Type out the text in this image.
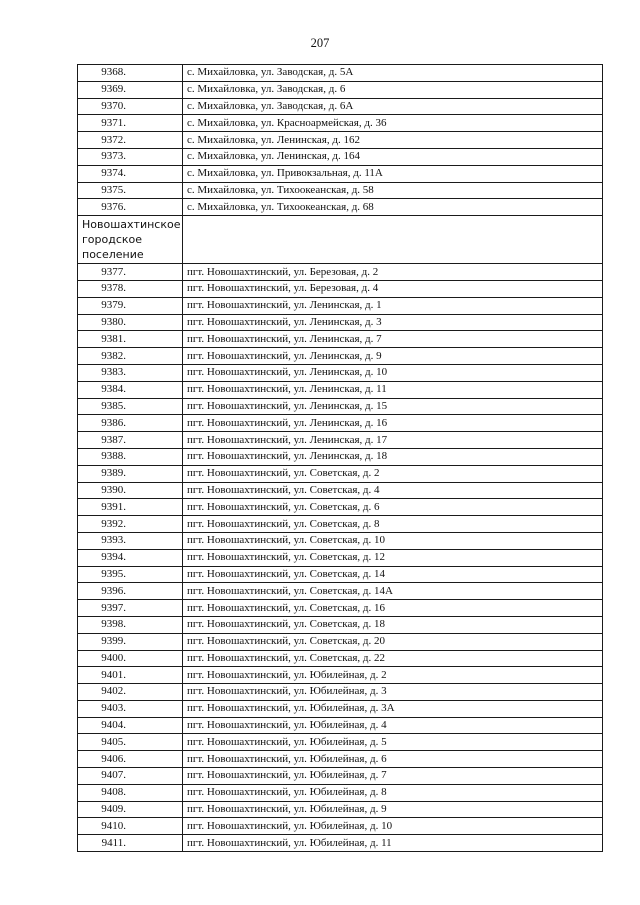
207
9368.	с. Михайловка, ул. Заводская, д. 5А
9369.	с. Михайловка, ул. Заводская, д. 6
9370.	с. Михайловка, ул. Заводская, д. 6А
9371.	с. Михайловка, ул. Красноармейская, д. 36
9372.	с. Михайловка, ул. Ленинская, д. 162
9373.	с. Михайловка, ул. Ленинская, д. 164
9374.	с. Михайловка, ул. Привокзальная, д. 11А
9375.	с. Михайловка, ул. Тихоокеанская, д. 58
9376.	с. Михайловка, ул. Тихоокеанская, д. 68
Новошахтинское городское поселение	
9377.	пгт. Новошахтинский, ул. Березовая, д. 2
9378.	пгт. Новошахтинский, ул. Березовая, д. 4
9379.	пгт. Новошахтинский, ул. Ленинская, д. 1
9380.	пгт. Новошахтинский, ул. Ленинская, д. 3
9381.	пгт. Новошахтинский, ул. Ленинская, д. 7
9382.	пгт. Новошахтинский, ул. Ленинская, д. 9
9383.	пгт. Новошахтинский, ул. Ленинская, д. 10
9384.	пгт. Новошахтинский, ул. Ленинская, д. 11
9385.	пгт. Новошахтинский, ул. Ленинская, д. 15
9386.	пгт. Новошахтинский, ул. Ленинская, д. 16
9387.	пгт. Новошахтинский, ул. Ленинская, д. 17
9388.	пгт. Новошахтинский, ул. Ленинская, д. 18
9389.	пгт. Новошахтинский, ул. Советская, д. 2
9390.	пгт. Новошахтинский, ул. Советская, д. 4
9391.	пгт. Новошахтинский, ул. Советская, д. 6
9392.	пгт. Новошахтинский, ул. Советская, д. 8
9393.	пгт. Новошахтинский, ул. Советская, д. 10
9394.	пгт. Новошахтинский, ул. Советская, д. 12
9395.	пгт. Новошахтинский, ул. Советская, д. 14
9396.	пгт. Новошахтинский, ул. Советская, д. 14А
9397.	пгт. Новошахтинский, ул. Советская, д. 16
9398.	пгт. Новошахтинский, ул. Советская, д. 18
9399.	пгт. Новошахтинский, ул. Советская, д. 20
9400.	пгт. Новошахтинский, ул. Советская, д. 22
9401.	пгт. Новошахтинский, ул. Юбилейная, д. 2
9402.	пгт. Новошахтинский, ул. Юбилейная, д. 3
9403.	пгт. Новошахтинский, ул. Юбилейная, д. 3А
9404.	пгт. Новошахтинский, ул. Юбилейная, д. 4
9405.	пгт. Новошахтинский, ул. Юбилейная, д. 5
9406.	пгт. Новошахтинский, ул. Юбилейная, д. 6
9407.	пгт. Новошахтинский, ул. Юбилейная, д. 7
9408.	пгт. Новошахтинский, ул. Юбилейная, д. 8
9409.	пгт. Новошахтинский, ул. Юбилейная, д. 9
9410.	пгт. Новошахтинский, ул. Юбилейная, д. 10
9411.	пгт. Новошахтинский, ул. Юбилейная, д. 11
